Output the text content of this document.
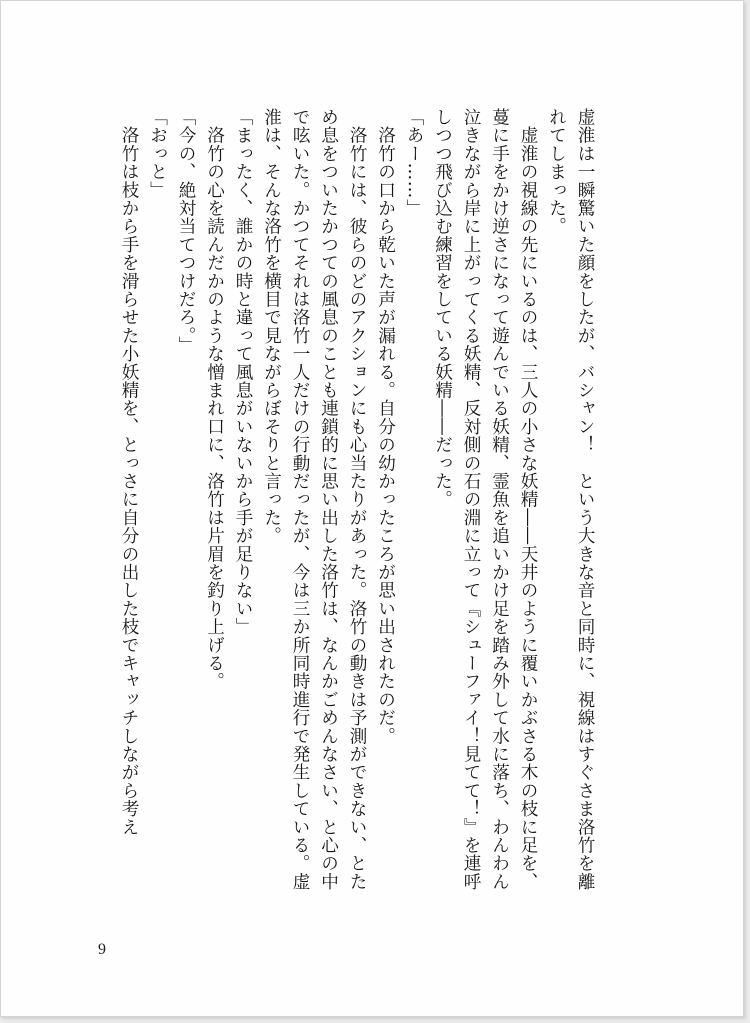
虚淮は一瞬驚いた顔をしたが、バシャン！　という大きな音と同時に、視線はすぐさま洛竹を離れてしまった。

　虚淮の視線の先にいるのは、三人の小さな妖精――天井のように覆いかぶさる木の枝に足を、蔓に手をかけ逆さになって遊んでいる妖精、霊魚を追いかけ足を踏み外して水に落ち、わんわん泣きながら岸に上がってくる妖精、反対側の石の淵に立って『シューファイ！見てて！』を連呼しつつ飛び込む練習をしている妖精――だった。

「あー……」

　洛竹の口から乾いた声が漏れる。自分の幼かったころが思い出されたのだ。

　洛竹には、彼らのどのアクションにも心当たりがあった。洛竹の動きは予測ができない、とため息をついたかつての風息のことも連鎖的に思い出した洛竹は、なんかごめんなさい、と心の中で呟いた。かつてそれは洛竹一人だけの行動だったが、今は三か所同時進行で発生している。虚淮は、そんな洛竹を横目で見ながらぼそりと言った。

「まったく、誰かの時と違って風息がいないから手が足りない」

　洛竹の心を読んだかのような憎まれ口に、洛竹は片眉を釣り上げる。

「今の、絶対当てつけだろ。」

「おっと」

　洛竹は枝から手を滑らせた小妖精を、とっさに自分の出した枝でキャッチしながら考え

9
